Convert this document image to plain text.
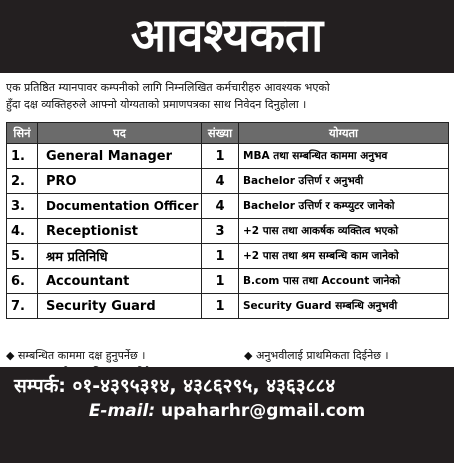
आवश्यकता
एक प्रतिष्ठित म्यानपावर कम्पनीको लागि निम्नलिखित कर्मचारीहरु आवश्यक भएको
हुँदा दक्ष व्यक्तिहरुले आफ्नो योग्यताको प्रमाणपत्रका साथ निवेदन दिनुहोला ।
सिनं	पद	संख्या	योग्यता
1.	General Manager	1	MBA तथा सम्बन्धित काममा अनुभव
2.	PRO	4	Bachelor उत्तिर्ण र अनुभवी
3.	Documentation Officer	4	Bachelor उत्तिर्ण र कम्प्युटर जानेको
4.	Receptionist	3	+2 पास तथा आकर्षक व्यक्तित्व भएको
5.	श्रम प्रतिनिधि	1	+2 पास तथा श्रम सम्बन्धि काम जानेको
6.	Accountant	1	B.com पास तथा Account जानेको
7.	Security Guard	1	Security Guard सम्बन्धि अनुभवी
◆ सम्बन्धित काममा दक्ष हुनुपर्नेछ ।	◆ अनुभवीलाई प्राथमिकता दिईनेछ ।
सम्पर्क: ०१-४३९५३१४, ४३८६२९५, ४३६३८८४
E-mail: upaharhr@gmail.com
